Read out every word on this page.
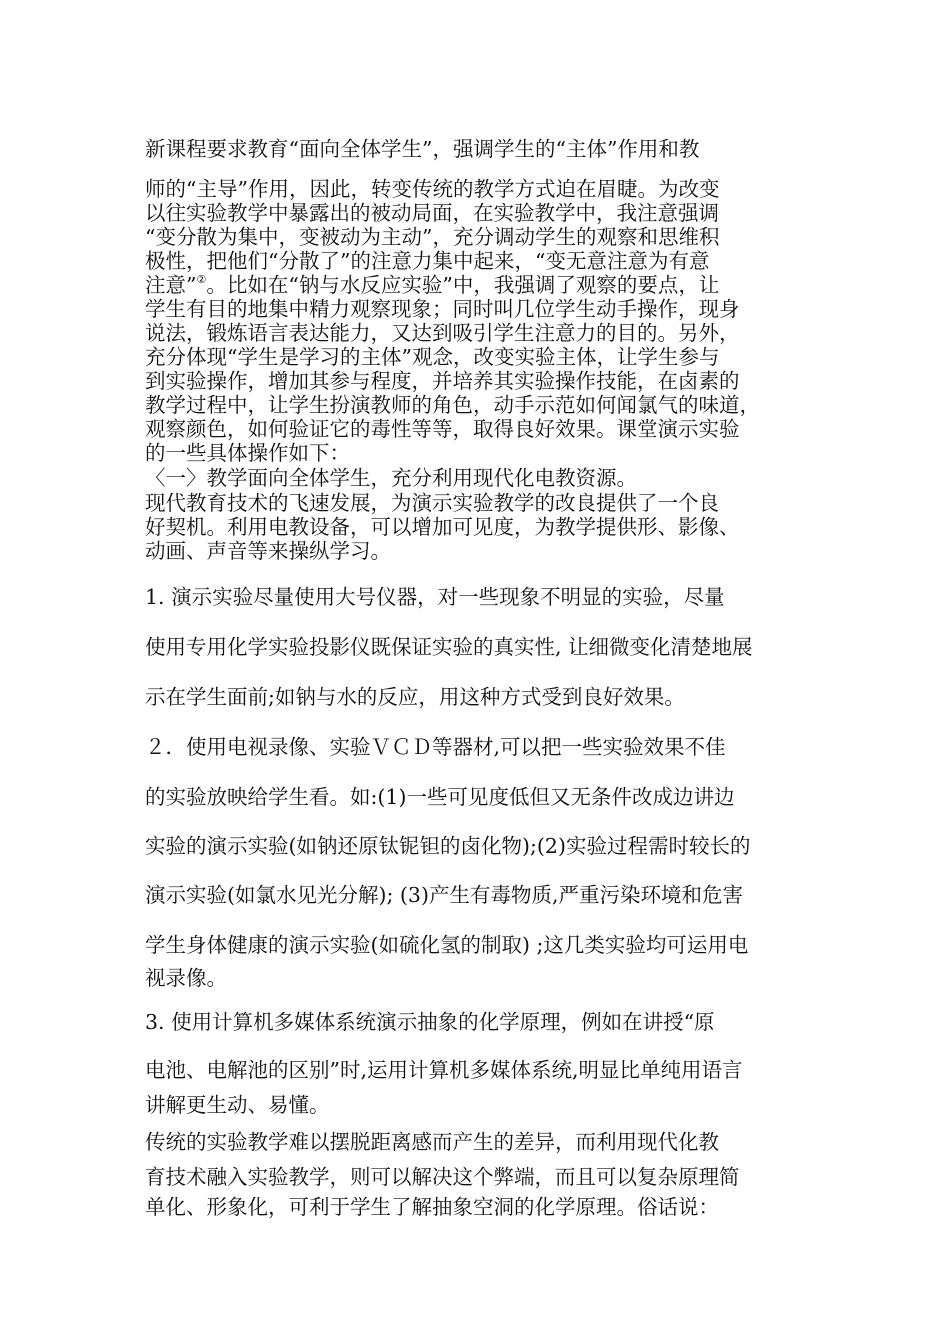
新课程要求教育“面向全体学生”，强调学生的“主体”作用和教

师的“主导”作用，因此，转变传统的教学方式迫在眉睫。为改变

以往实验教学中暴露出的被动局面，在实验教学中，我注意强调

“变分散为集中，变被动为主动”，充分调动学生的观察和思维积

极性，把他们“分散了”的注意力集中起来，“变无意注意为有意

注意”②。比如在“钠与水反应实验”中，我强调了观察的要点，让

学生有目的地集中精力观察现象；同时叫几位学生动手操作，现身

说法，锻炼语言表达能力，又达到吸引学生注意力的目的。另外，

充分体现“学生是学习的主体”观念，改变实验主体，让学生参与

到实验操作，增加其参与程度，并培养其实验操作技能，在卤素的

教学过程中，让学生扮演教师的角色，动手示范如何闻氯气的味道，

观察颜色，如何验证它的毒性等等，取得良好效果。课堂演示实验

的一些具体操作如下：

〈一〉教学面向全体学生，充分利用现代化电教资源。

现代教育技术的飞速发展，为演示实验教学的改良提供了一个良

好契机。利用电教设备，可以增加可见度，为教学提供形、影像、

动画、声音等来操纵学习。

1. 演示实验尽量使用大号仪器，对一些现象不明显的实验，尽量

使用专用化学实验投影仪既保证实验的真实性, 让细微变化清楚地展

示在学生面前;如钠与水的反应，用这种方式受到良好效果。

２．使用电视录像、实验ＶＣＤ等器材,可以把一些实验效果不佳

的实验放映给学生看。如:(1)一些可见度低但又无条件改成边讲边

实验的演示实验(如钠还原钛铌钽的卤化物);(2)实验过程需时较长的

演示实验(如氯水见光分解); (3)产生有毒物质,严重污染环境和危害

学生身体健康的演示实验(如硫化氢的制取) ;这几类实验均可运用电

视录像。

3. 使用计算机多媒体系统演示抽象的化学原理，例如在讲授“原

电池、电解池的区别”时,运用计算机多媒体系统,明显比单纯用语言

讲解更生动、易懂。

传统的实验教学难以摆脱距离感而产生的差异，而利用现代化教

育技术融入实验教学，则可以解决这个弊端，而且可以复杂原理简

单化、形象化，可利于学生了解抽象空洞的化学原理。俗话说：
